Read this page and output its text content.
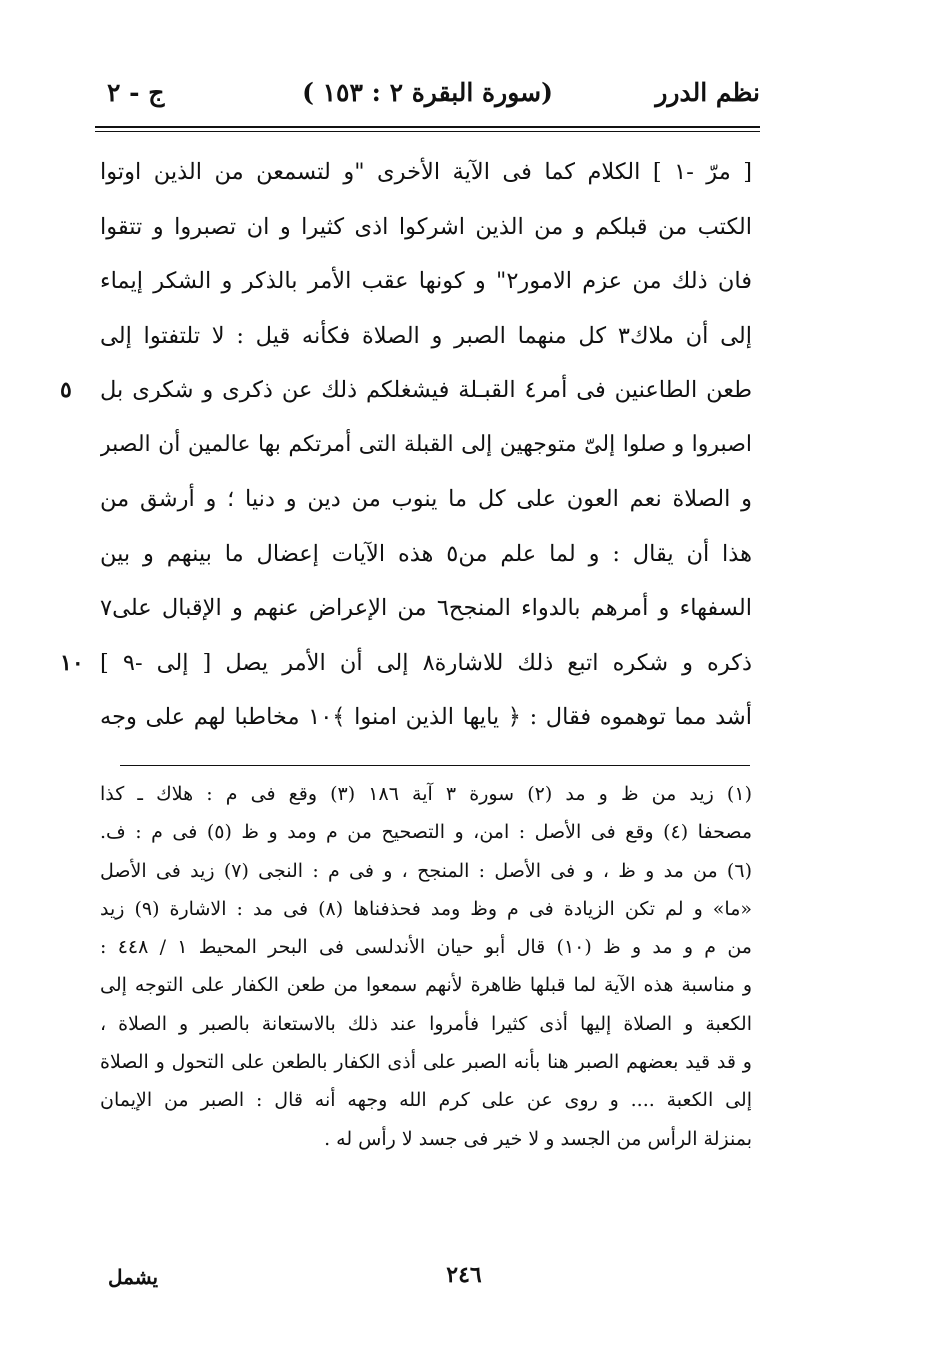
نظم الدرر
(سورة البقرة ٢ : ١٥٣ )
ج - ٢
[ مرّ -١ ] الكلام كما فى الآية الأخرى "و لتسمعن من الذين اوتوا
الكتب من قبلكم و من الذين اشركوا اذى كثيرا و ان تصبروا و تتقوا
فان ذلك من عزم الامور٢" و كونها عقب الأمر بالذكر و الشكر إيماء
إلى أن ملاك٣ كل منهما الصبر و الصلاة فكأنه قيل : لا تلتفتوا إلى
٥	طعن الطاعنين فى أمر٤ القبـلة فيشغلكم ذلك عن ذكرى و شكرى بل
اصبروا و صلوا إلىّ متوجهين إلى القبلة التى أمرتكم بها عالمين أن الصبر
و الصلاة نعم العون على كل ما ينوب من دين و دنيا ؛ و أرشق من
هذا أن يقال : و لما علم من٥ هذه الآيات إعضال ما بينهم و بين
السفهاء و أمرهم بالدواء المنجح٦ من الإعراض عنهم و الإقبال على٧
١٠ ذكره و شكره اتبع ذلك للاشارة٨ إلى أن الأمر يصل [ إلى -٩ ]
أشد مما توهموه فقال : ﴿ يايها الذين امنوا ﴾١٠ مخاطبا لهم على وجه
(١) زيد من ظ و مد (٢) سورة ٣ آية ١٨٦ (٣) وقع فى م : هلاك ـ كذا
مصحفا (٤) وقع فى الأصل : امن، و التصحيح من م ومد و ظ (٥) فى م : ف.
(٦) من مد و ظ ، و فى الأصل : المنجح ، و فى م : النجى (٧) زيد فى الأصل
«ما» و لم تكن الزيادة فى م وظ ومد فحذفناها (٨) فى مد : الاشارة (٩) زيد
من م و مد و ظ (١٠) قال أبو حيان الأندلسى فى البحر المحيط ١ / ٤٤٨ :
و مناسبة هذه الآية لما قبلها ظاهرة لأنهم سمعوا من طعن الكفار على التوجه إلى
الكعبة و الصلاة إليها أذى كثيرا فأمروا عند ذلك بالاستعانة بالصبر و الصلاة ،
و قد قيد بعضهم الصبر هنا بأنه الصبر على أذى الكفار بالطعن على التحول و الصلاة
إلى الكعبة .... و روى عن على كرم الله وجهه أنه قال : الصبر من الإيمان
بمنزلة الرأس من الجسد و لا خير فى جسد لا رأس له .
٢٤٦
يشمل
